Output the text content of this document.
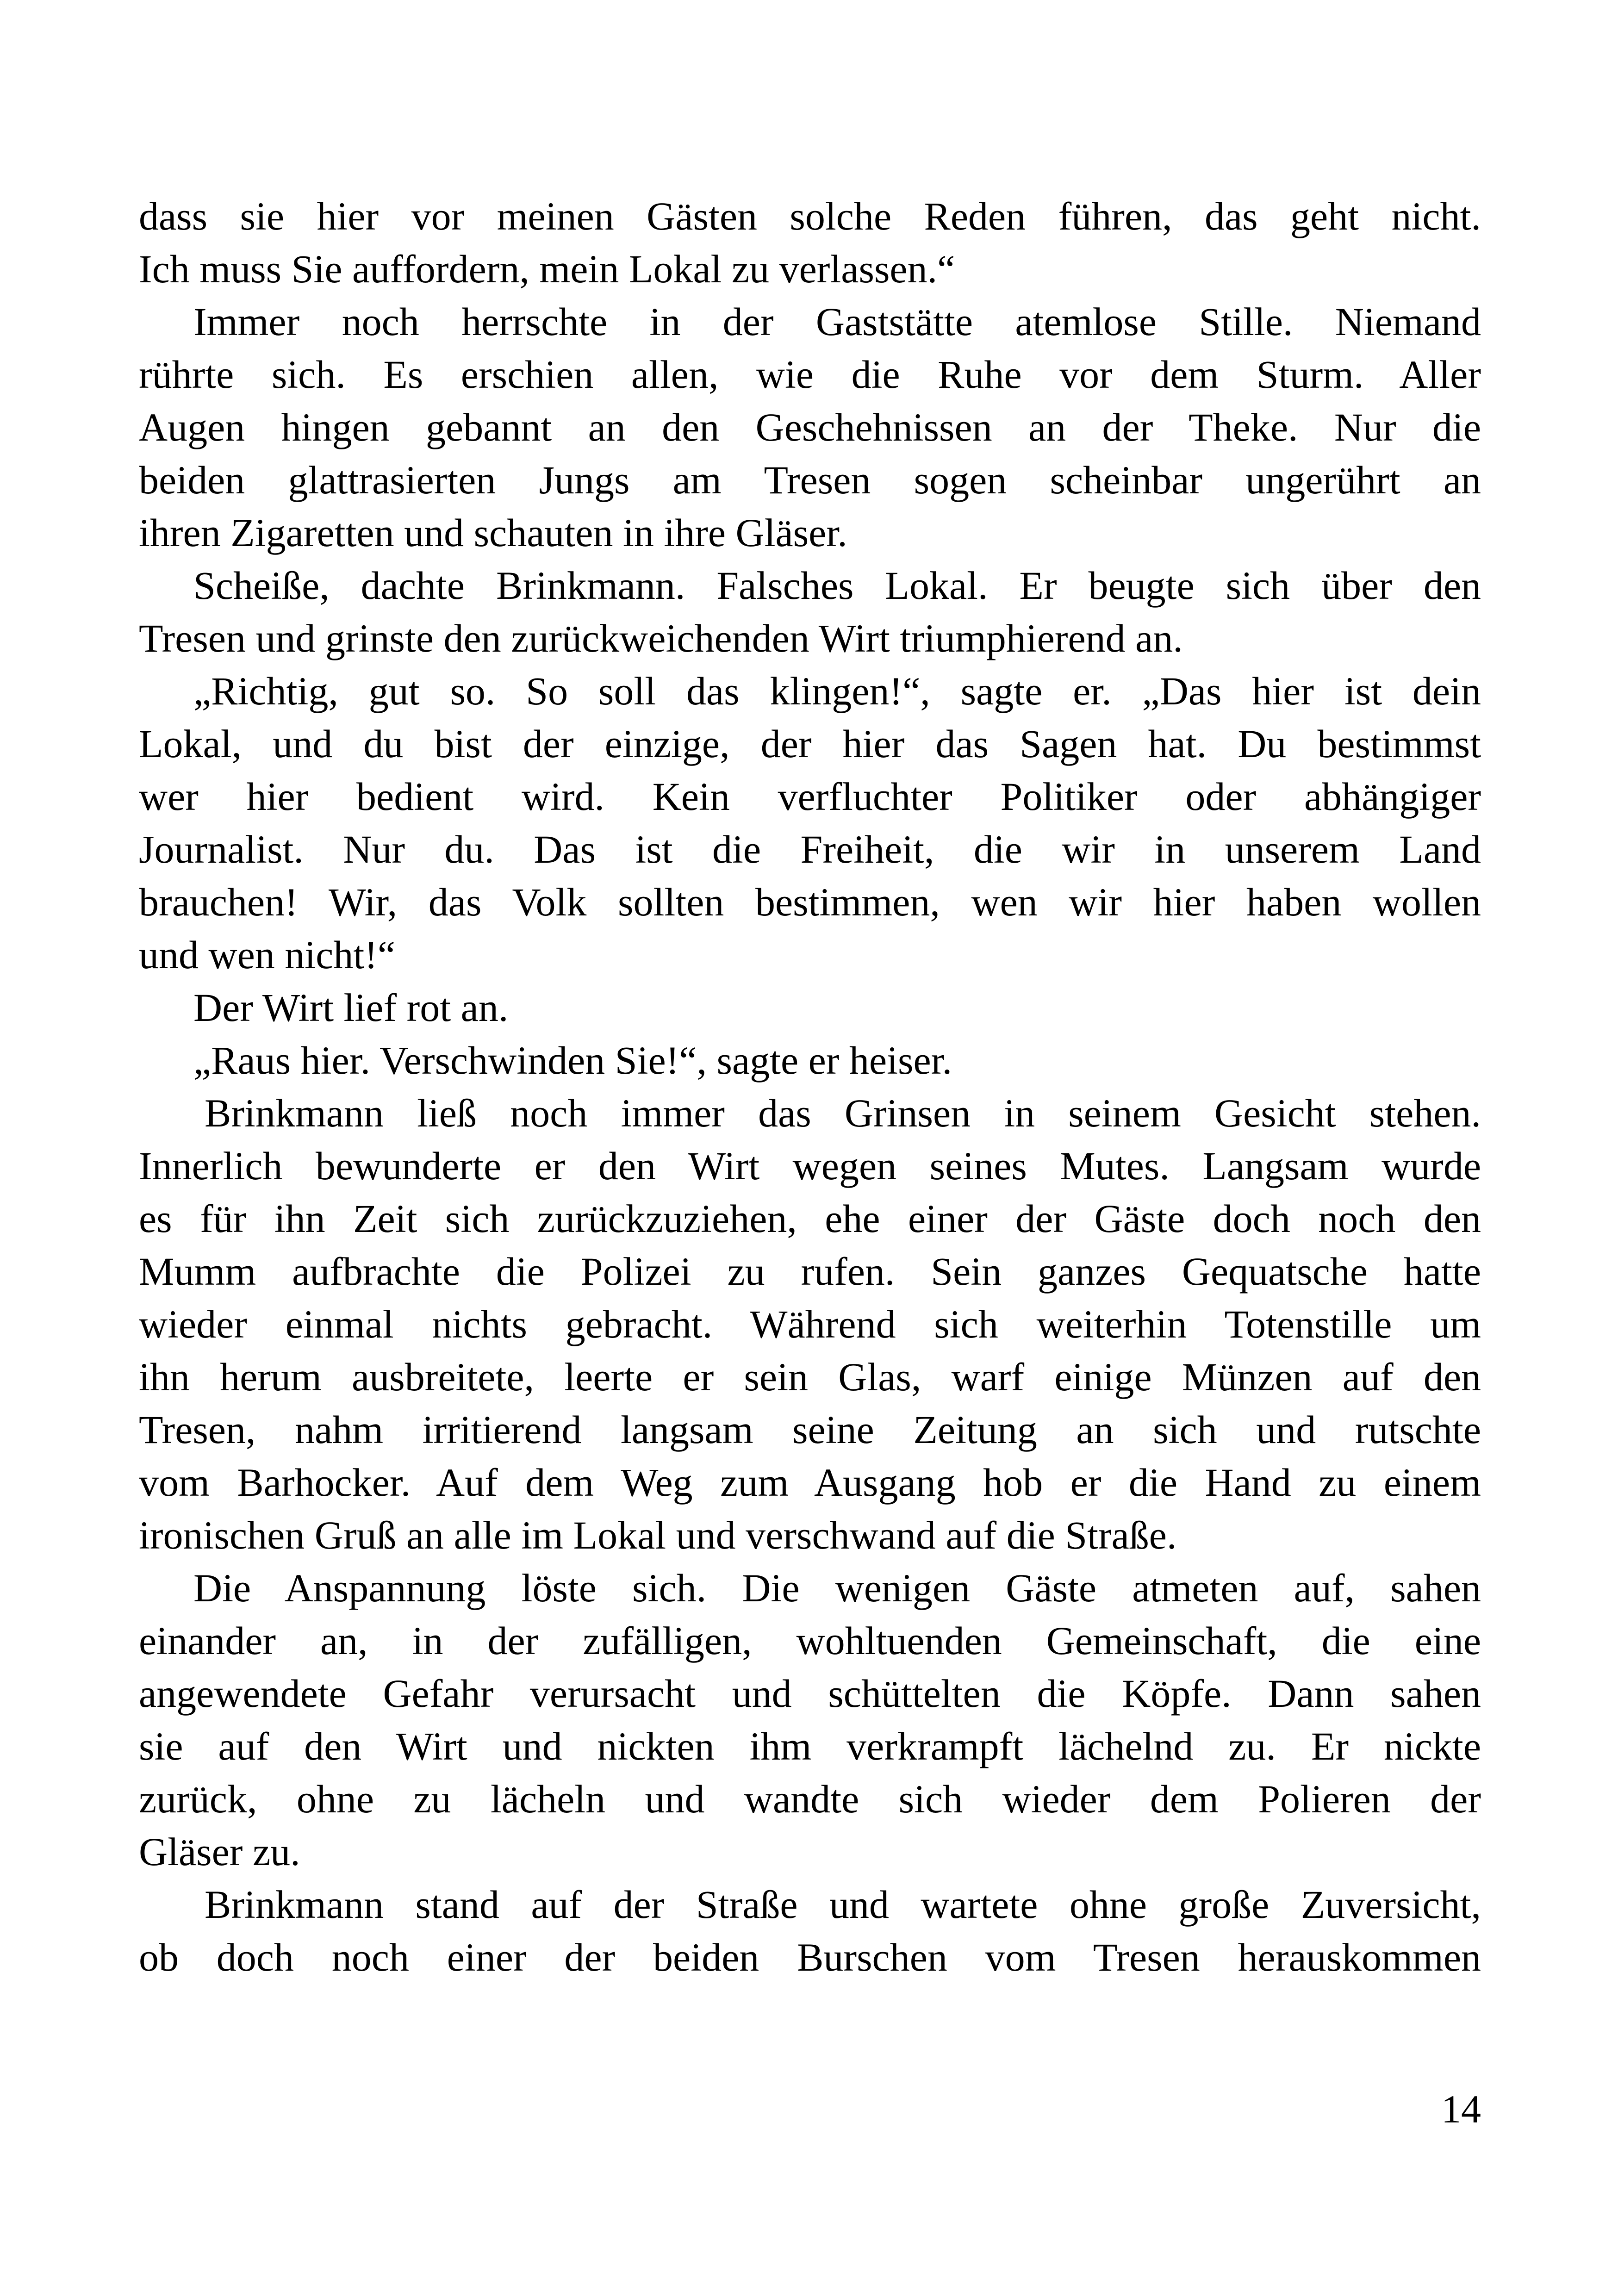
dass sie hier vor meinen Gästen solche Reden führen, das geht nicht.
Ich muss Sie auffordern, mein Lokal zu verlassen.“
Immer noch herrschte in der Gaststätte atemlose Stille. Niemand
rührte sich. Es erschien allen, wie die Ruhe vor dem Sturm. Aller
Augen hingen gebannt an den Geschehnissen an der Theke. Nur die
beiden glattrasierten Jungs am Tresen sogen scheinbar ungerührt an
ihren Zigaretten und schauten in ihre Gläser.
Scheiße, dachte Brinkmann. Falsches Lokal. Er beugte sich über den
Tresen und grinste den zurückweichenden Wirt triumphierend an.
„Richtig, gut so. So soll das klingen!“, sagte er. „Das hier ist dein
Lokal, und du bist der einzige, der hier das Sagen hat. Du bestimmst
wer hier bedient wird. Kein verfluchter Politiker oder abhängiger
Journalist. Nur du. Das ist die Freiheit, die wir in unserem Land
brauchen! Wir, das Volk sollten bestimmen, wen wir hier haben wollen
und wen nicht!“
Der Wirt lief rot an.
„Raus hier. Verschwinden Sie!“, sagte er heiser.
Brinkmann ließ noch immer das Grinsen in seinem Gesicht stehen.
Innerlich bewunderte er den Wirt wegen seines Mutes. Langsam wurde
es für ihn Zeit sich zurückzuziehen, ehe einer der Gäste doch noch den
Mumm aufbrachte die Polizei zu rufen. Sein ganzes Gequatsche hatte
wieder einmal nichts gebracht. Während sich weiterhin Totenstille um
ihn herum ausbreitete, leerte er sein Glas, warf einige Münzen auf den
Tresen, nahm irritierend langsam seine Zeitung an sich und rutschte
vom Barhocker. Auf dem Weg zum Ausgang hob er die Hand zu einem
ironischen Gruß an alle im Lokal und verschwand auf die Straße.
Die Anspannung löste sich. Die wenigen Gäste atmeten auf, sahen
einander an, in der zufälligen, wohltuenden Gemeinschaft, die eine
angewendete Gefahr verursacht und schüttelten die Köpfe. Dann sahen
sie auf den Wirt und nickten ihm verkrampft lächelnd zu. Er nickte
zurück, ohne zu lächeln und wandte sich wieder dem Polieren der
Gläser zu.
Brinkmann stand auf der Straße und wartete ohne große Zuversicht,
ob doch noch einer der beiden Burschen vom Tresen herauskommen
14
